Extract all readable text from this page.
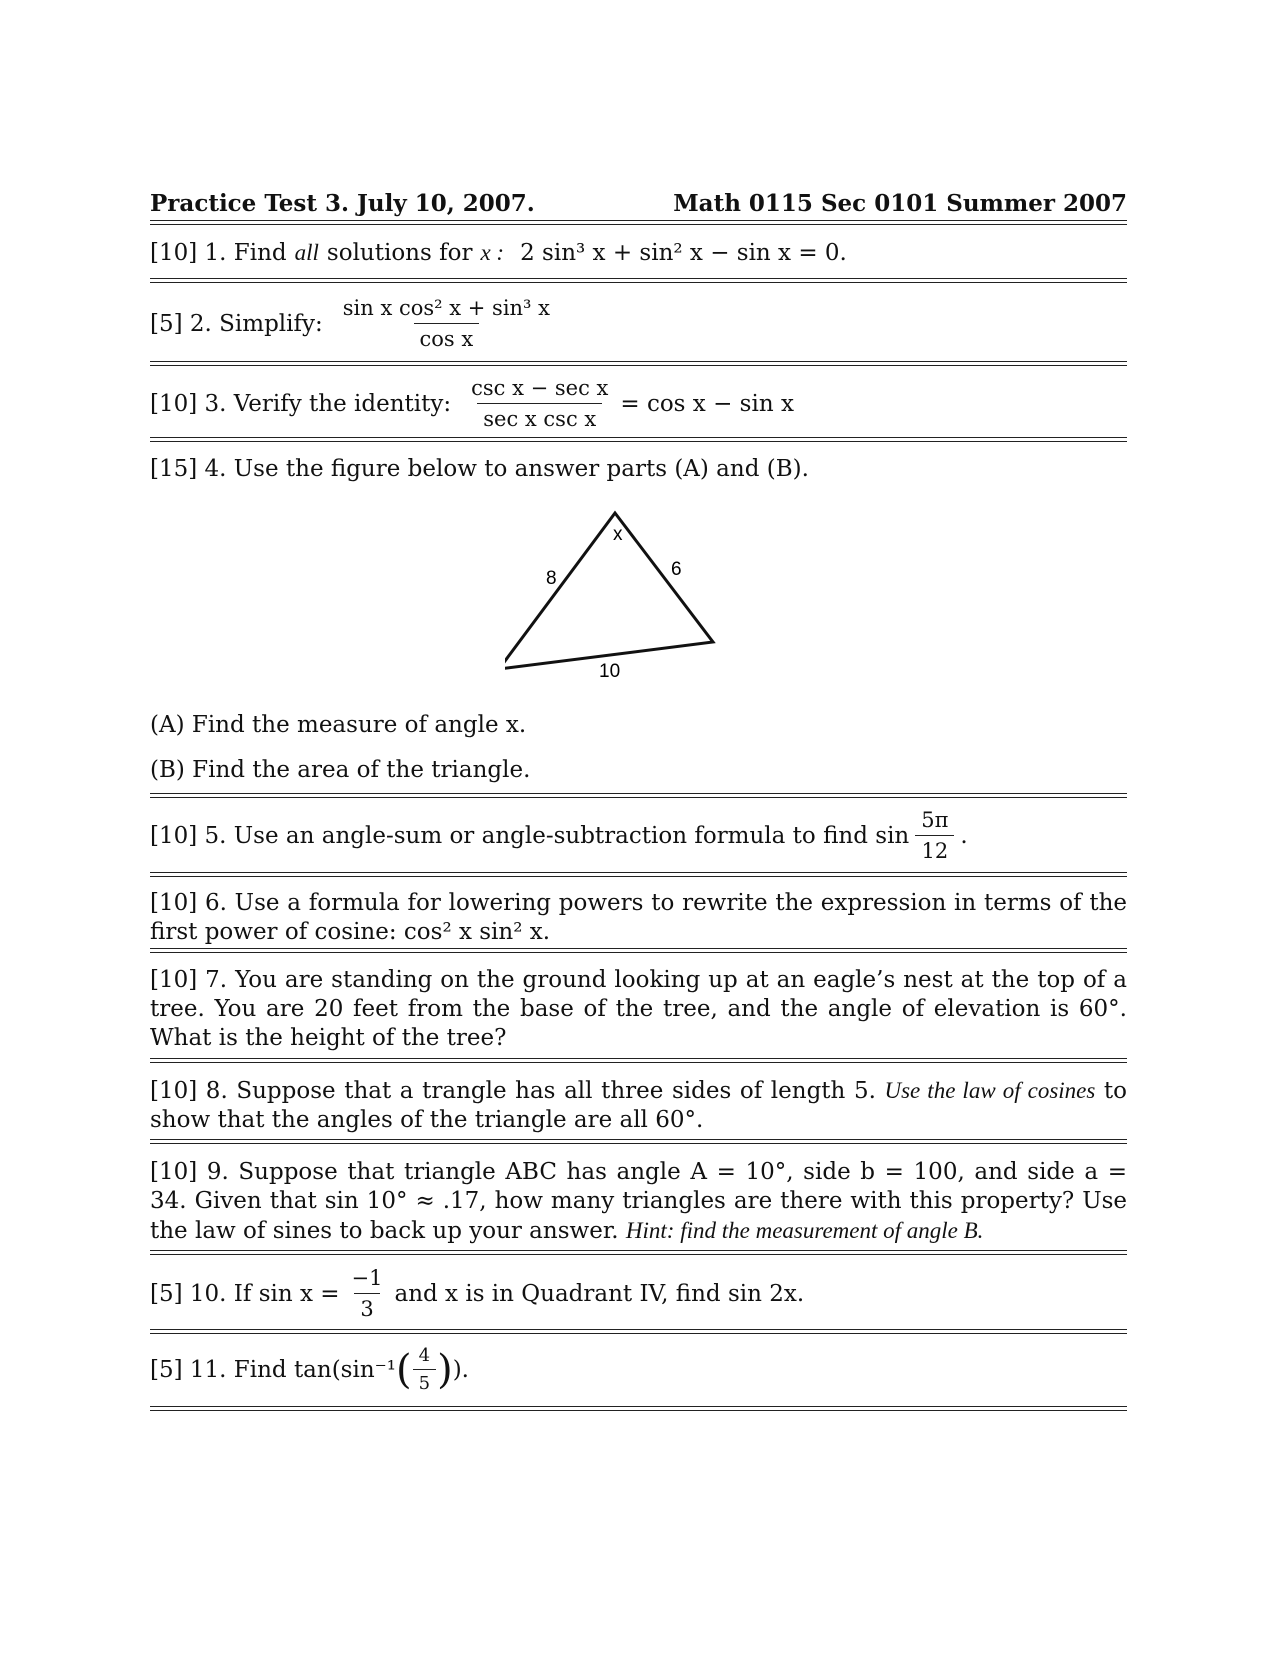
Practice Test 3. July 10, 2007.	Math 0115 Sec 0101 Summer 2007
[10] 1. Find all solutions for x : 2 sin³ x + sin² x − sin x = 0.
[5] 2. Simplify: $\frac{\text{sin x cos² x + sin³ x}}{\text{cos x}}$
[10] 3. Verify the identity: $\frac{\text{csc x − sec x}}{\text{sec x csc x}} = \cos x - \sin x$
[15] 4. Use the figure below to answer parts (A) and (B).
x
8	6
10
(A) Find the measure of angle x.
(B) Find the area of the triangle.
[10] 5. Use an angle-sum or angle-subtraction formula to find $\sin \frac{5\pi}{12}$ .
[10] 6. Use a formula for lowering powers to rewrite the expression in terms of the first power of cosine: cos² x sin² x.
[10] 7. You are standing on the ground looking up at an eagle’s nest at the top of a tree. You are 20 feet from the base of the tree, and the angle of elevation is 60°. What is the height of the tree?
[10] 8. Suppose that a trangle has all three sides of length 5. Use the law of cosines to show that the angles of the triangle are all 60°.
[10] 9. Suppose that triangle ABC has angle A = 10°, side b = 100, and side a = 34. Given that sin 10° ≈ .17, how many triangles are there with this property? Use the law of sines to back up your answer. Hint: find the measurement of angle B.
[5] 10. If $\sin x = \frac{-1}{3}$ and x is in Quadrant IV, find sin 2x.
[5] 11. Find tan(sin⁻¹ ( $\frac{4}{5}$ ) ).
